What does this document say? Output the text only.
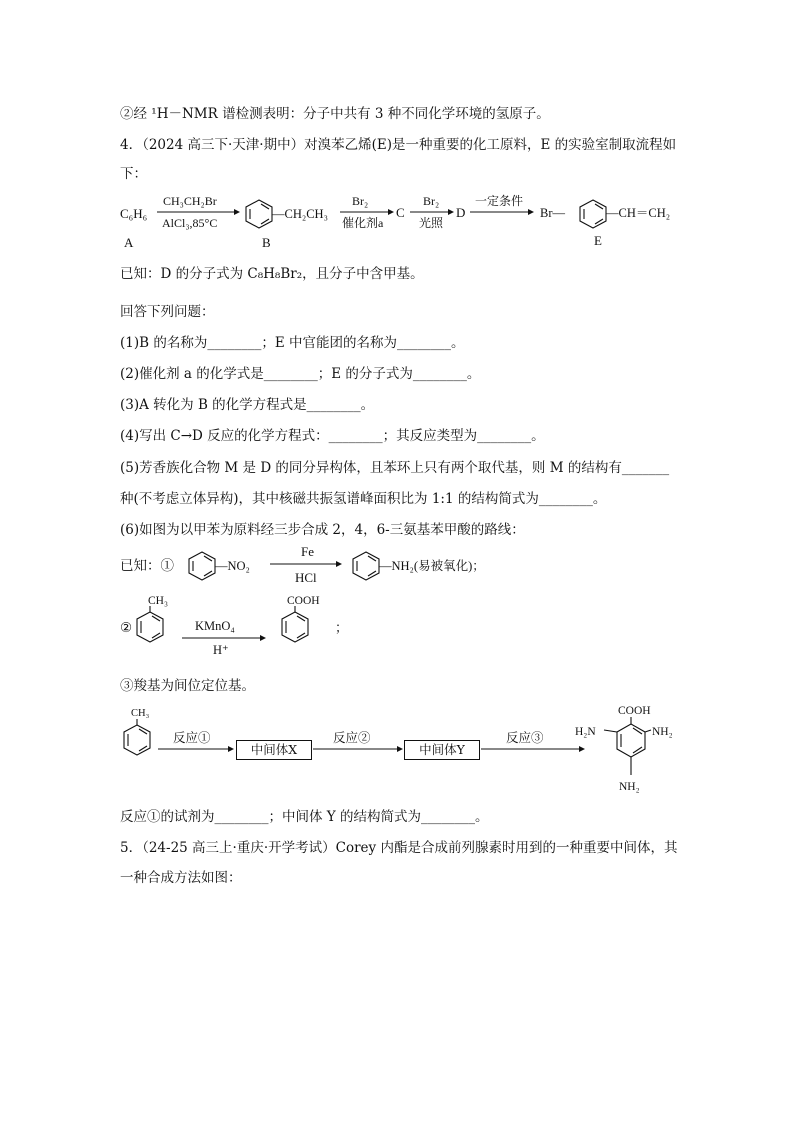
②经 ¹H－NMR 谱检测表明：分子中共有 3 种不同化学环境的氢原子。
4．（2024 高三下·天津·期中）对溴苯乙烯(E)是一种重要的化工原料，E 的实验室制取流程如
下：
C₆H₆
A
CH₃CH₂Br
AlCl₃,85°C
—CH₂CH₃
B
Br₂
催化剂a
C
Br₂
光照
D
一定条件
Br—	—CH＝CH₂
E
已知：D 的分子式为 C₈H₈Br₂，且分子中含甲基。
回答下列问题：
(1)B 的名称为________；E 中官能团的名称为________。
(2)催化剂 a 的化学式是________；E 的分子式为________。
(3)A 转化为 B 的化学方程式是________。
(4)写出 C→D 反应的化学方程式：________；其反应类型为________。
(5)芳香族化合物 M 是 D 的同分异构体，且苯环上只有两个取代基，则 M 的结构有_______
种(不考虑立体异构)，其中核磁共振氢谱峰面积比为 1:1 的结构简式为________。
(6)如图为以甲苯为原料经三步合成 2，4，6-三氨基苯甲酸的路线：
已知：①	—NO₂
Fe
HCl
—NH₂(易被氧化)；
②
CH₃
KMnO₄
H⁺
COOH
；
③羧基为间位定位基。
CH₃
反应①	反应②	反应③
COOH
H₂N	NH₂
NH₂
中间体X	中间体Y
反应①的试剂为________；中间体 Y 的结构简式为________。
5．（24-25 高三上·重庆·开学考试）Corey 内酯是合成前列腺素时用到的一种重要中间体，其
一种合成方法如图：
